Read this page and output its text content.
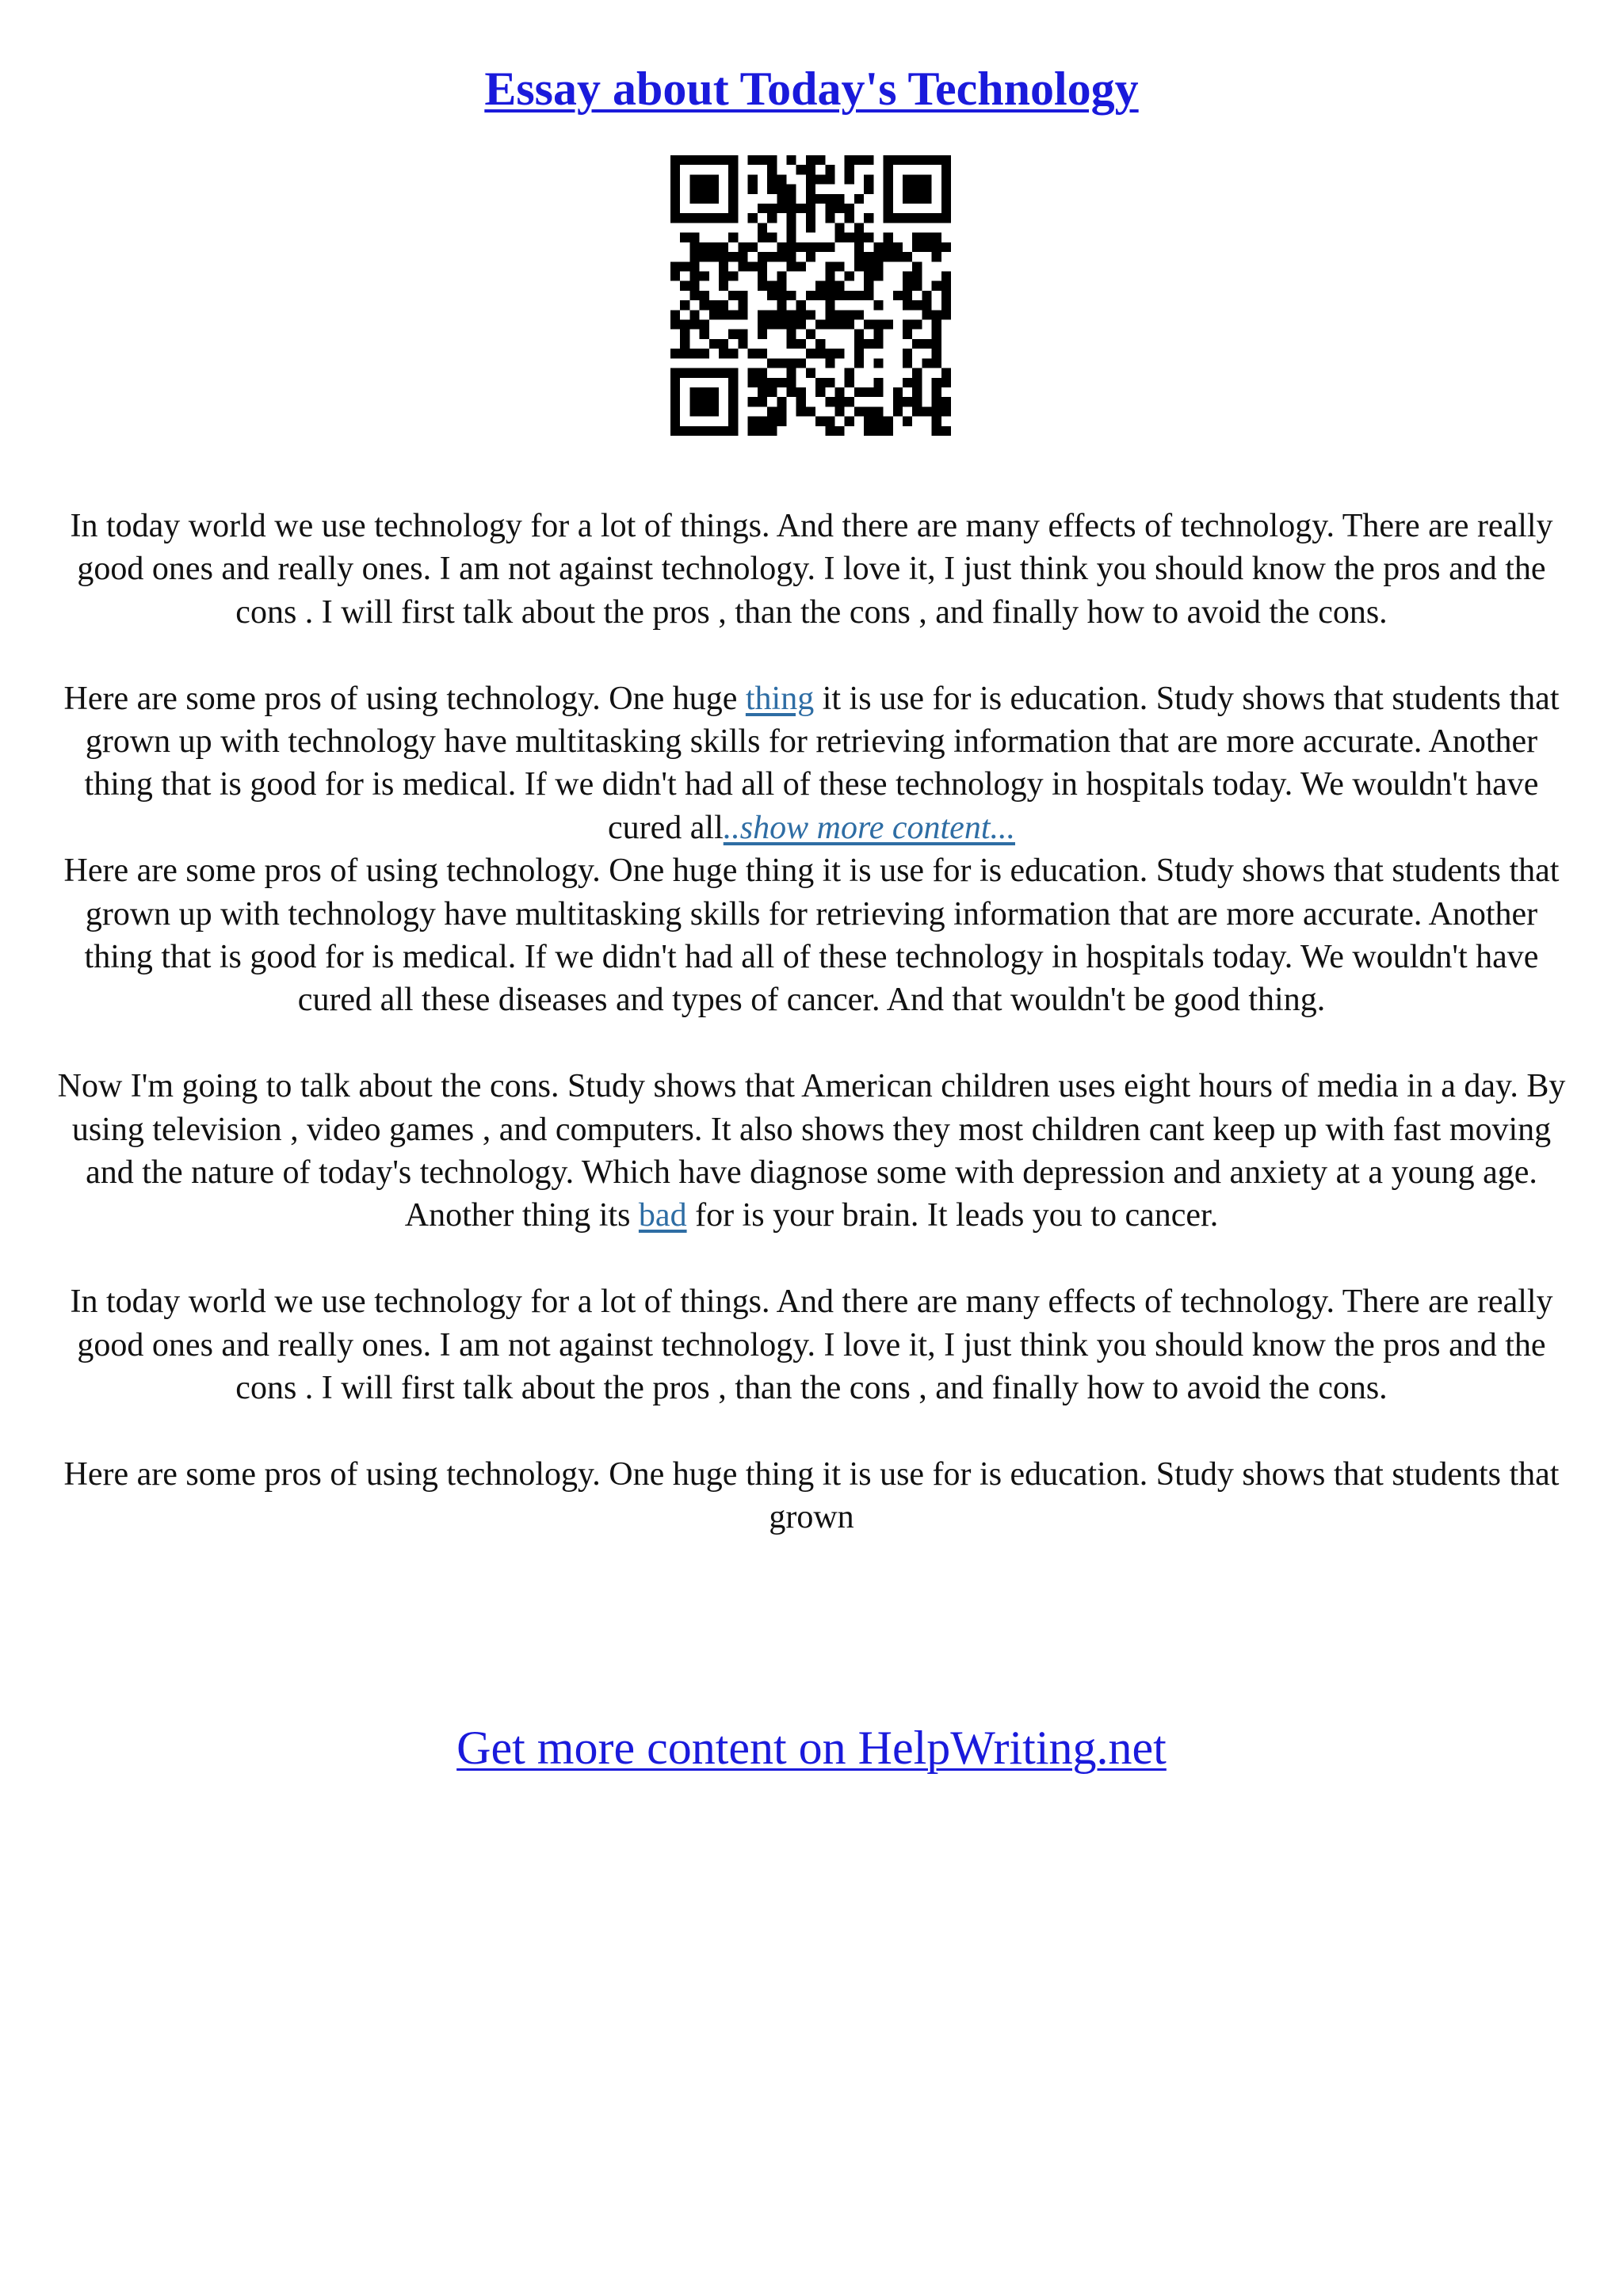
Essay about Today's Technology

In today world we use technology for a lot of things. And there are many effects of technology. There are really good ones and really ones. I am not against technology. I love it, I just think you should know the pros and the cons . I will first talk about the pros , than the cons , and finally how to avoid the cons.

Here are some pros of using technology. One huge thing it is use for is education. Study shows that students that grown up with technology have multitasking skills for retrieving information that are more accurate. Another thing that is good for is medical. If we didn't had all of these technology in hospitals today. We wouldn't have cured all..show more content...

Here are some pros of using technology. One huge thing it is use for is education. Study shows that students that grown up with technology have multitasking skills for retrieving information that are more accurate. Another thing that is good for is medical. If we didn't had all of these technology in hospitals today. We wouldn't have cured all these diseases and types of cancer. And that wouldn't be good thing.

Now I'm going to talk about the cons. Study shows that American children uses eight hours of media in a day. By using television , video games , and computers. It also shows they most children cant keep up with fast moving and the nature of today's technology. Which have diagnose some with depression and anxiety at a young age. Another thing its bad for is your brain. It leads you to cancer.

In today world we use technology for a lot of things. And there are many effects of technology. There are really good ones and really ones. I am not against technology. I love it, I just think you should know the pros and the cons . I will first talk about the pros , than the cons , and finally how to avoid the cons.

Here are some pros of using technology. One huge thing it is use for is education. Study shows that students that grown

Get more content on HelpWriting.net
